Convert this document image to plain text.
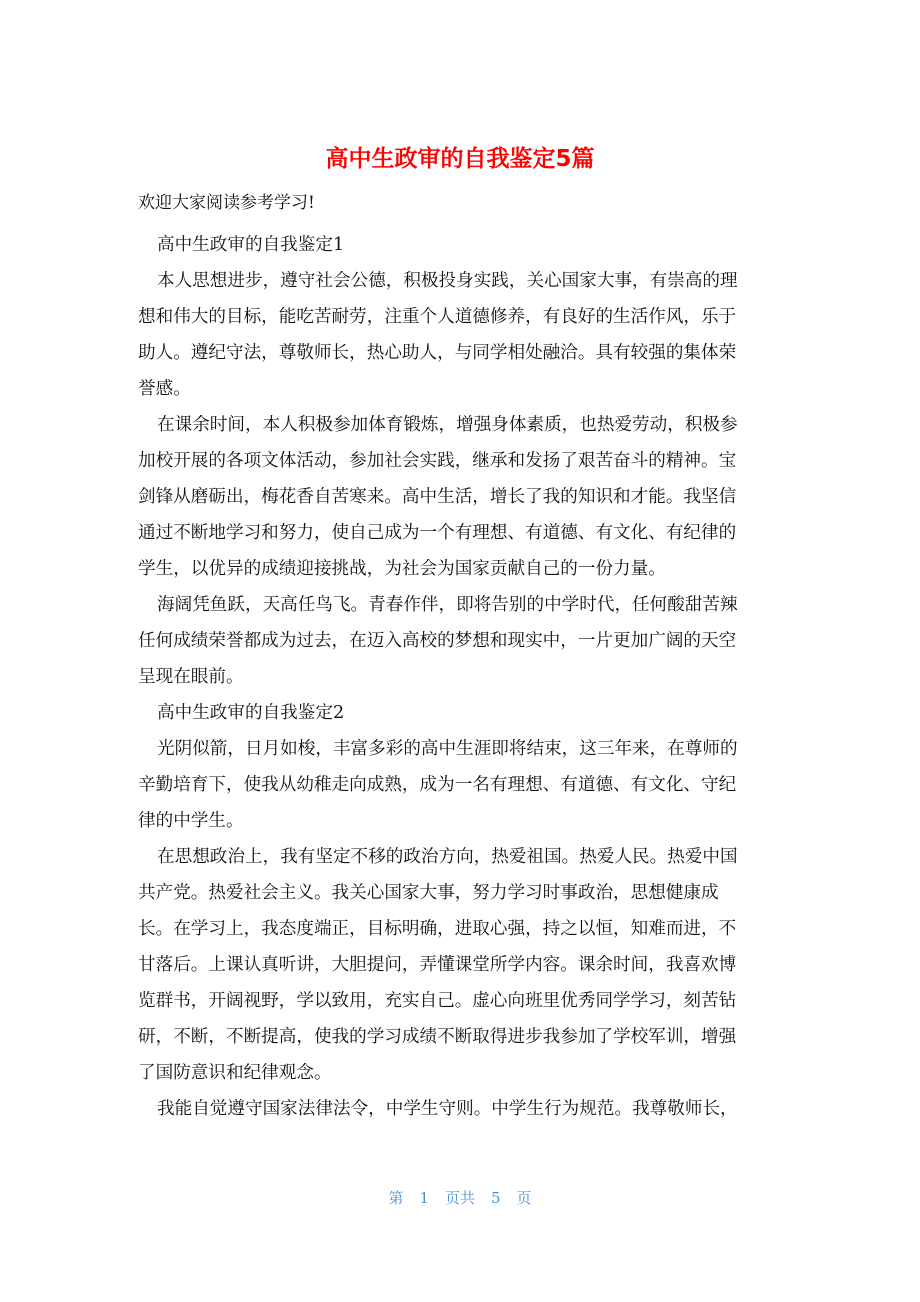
高中生政审的自我鉴定5篇
欢迎大家阅读参考学习!
高中生政审的自我鉴定1
本人思想进步，遵守社会公德，积极投身实践，关心国家大事，有崇高的理
想和伟大的目标，能吃苦耐劳，注重个人道德修养，有良好的生活作风，乐于
助人。遵纪守法，尊敬师长，热心助人，与同学相处融洽。具有较强的集体荣
誉感。
在课余时间，本人积极参加体育锻炼，增强身体素质，也热爱劳动，积极参
加校开展的各项文体活动，参加社会实践，继承和发扬了艰苦奋斗的精神。宝
剑锋从磨砺出，梅花香自苦寒来。高中生活，增长了我的知识和才能。我坚信
通过不断地学习和努力，使自己成为一个有理想、有道德、有文化、有纪律的
学生，以优异的成绩迎接挑战，为社会为国家贡献自己的一份力量。
海阔凭鱼跃，天高任鸟飞。青春作伴，即将告别的中学时代，任何酸甜苦辣
任何成绩荣誉都成为过去，在迈入高校的梦想和现实中，一片更加广阔的天空
呈现在眼前。
高中生政审的自我鉴定2
光阴似箭，日月如梭，丰富多彩的高中生涯即将结束，这三年来，在尊师的
辛勤培育下，使我从幼稚走向成熟，成为一名有理想、有道德、有文化、守纪
律的中学生。
在思想政治上，我有坚定不移的政治方向，热爱祖国。热爱人民。热爱中国
共产党。热爱社会主义。我关心国家大事，努力学习时事政治，思想健康成
长。在学习上，我态度端正，目标明确，进取心强，持之以恒，知难而进，不
甘落后。上课认真听讲，大胆提问，弄懂课堂所学内容。课余时间，我喜欢博
览群书，开阔视野，学以致用，充实自己。虚心向班里优秀同学学习，刻苦钻
研，不断，不断提高，使我的学习成绩不断取得进步我参加了学校军训，增强
了国防意识和纪律观念。
我能自觉遵守国家法律法令，中学生守则。中学生行为规范。我尊敬师长，
第 1 页共 5 页
